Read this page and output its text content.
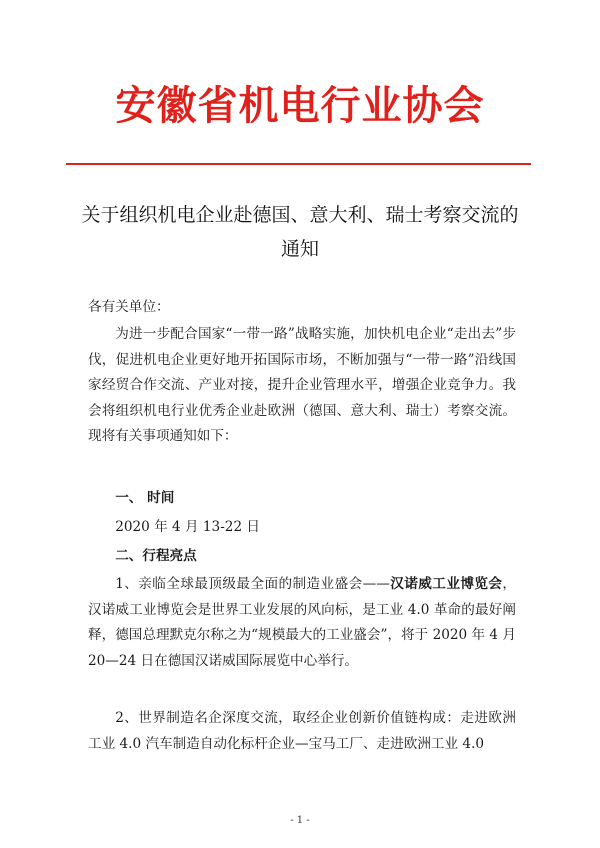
安徽省机电行业协会
关于组织机电企业赴德国、意大利、瑞士考察交流的
通知
各有关单位：

为进一步配合国家“一带一路”战略实施，加快机电企业“走出去”步伐，促进机电企业更好地开拓国际市场，不断加强与“一带一路”沿线国家经贸合作交流、产业对接，提升企业管理水平，增强企业竞争力。我会将组织机电行业优秀企业赴欧洲（德国、意大利、瑞士）考察交流。现将有关事项通知如下：

一、 时间
2020 年 4 月 13-22 日
二、行程亮点

1、亲临全球最顶级最全面的制造业盛会——汉诺威工业博览会，汉诺威工业博览会是世界工业发展的风向标，是工业 4.0 革命的最好阐释，德国总理默克尔称之为“规模最大的工业盛会”，将于 2020 年 4 月 20—24 日在德国汉诺威国际展览中心举行。

2、世界制造名企深度交流，取经企业创新价值链构成：走进欧洲工业 4.0 汽车制造自动化标杆企业—宝马工厂、走进欧洲工业 4.0

- 1 -
